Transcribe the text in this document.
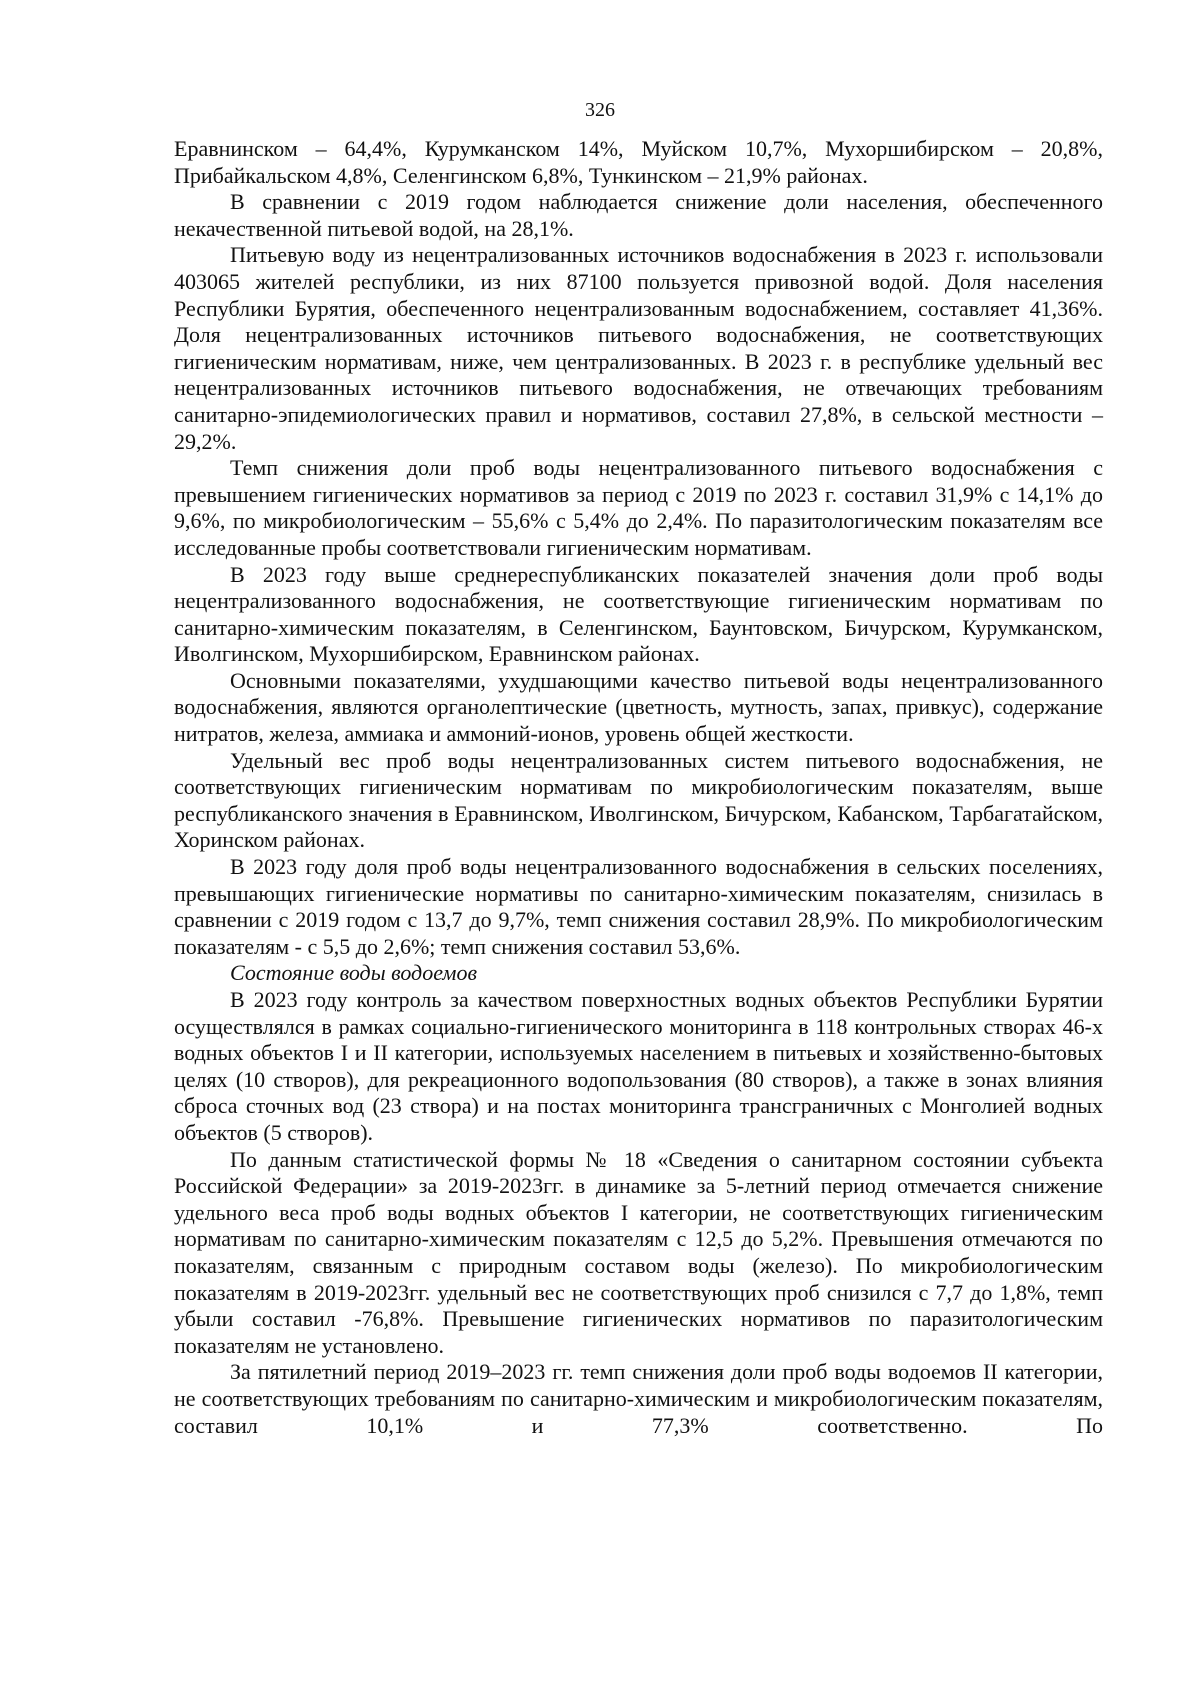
326

Еравнинском – 64,4%, Курумканском 14%, Муйском 10,7%, Мухоршибирском – 20,8%, Прибайкальском 4,8%, Селенгинском 6,8%, Тункинском – 21,9% районах.

В сравнении с 2019 годом наблюдается снижение доли населения, обеспеченного некачественной питьевой водой, на 28,1%.

Питьевую воду из нецентрализованных источников водоснабжения в 2023 г. использовали 403065 жителей республики, из них 87100 пользуется привозной водой. Доля населения Республики Бурятия, обеспеченного нецентрализованным водоснабжением, составляет 41,36%. Доля нецентрализованных источников питьевого водоснабжения, не соответствующих гигиеническим нормативам, ниже, чем централизованных. В 2023 г. в республике удельный вес нецентрализованных источников питьевого водоснабжения, не отвечающих требованиям санитарно-эпидемиологических правил и нормативов, составил 27,8%, в сельской местности – 29,2%.

Темп снижения доли проб воды нецентрализованного питьевого водоснабжения с превышением гигиенических нормативов за период с 2019 по 2023 г. составил 31,9% с 14,1% до 9,6%, по микробиологическим – 55,6% с 5,4% до 2,4%. По паразитологическим показателям все исследованные пробы соответствовали гигиеническим нормативам.

В 2023 году выше среднереспубликанских показателей значения доли проб воды нецентрализованного водоснабжения, не соответствующие гигиеническим нормативам по санитарно-химическим показателям, в Селенгинском, Баунтовском, Бичурском, Курумканском, Иволгинском, Мухоршибирском, Еравнинском районах.

Основными показателями, ухудшающими качество питьевой воды нецентрализованного водоснабжения, являются органолептические (цветность, мутность, запах, привкус), содержание нитратов, железа, аммиака и аммоний-ионов, уровень общей жесткости.

Удельный вес проб воды нецентрализованных систем питьевого водоснабжения, не соответствующих гигиеническим нормативам по микробиологическим показателям, выше республиканского значения в Еравнинском, Иволгинском, Бичурском, Кабанском, Тарбагатайском, Хоринском районах.

В 2023 году доля проб воды нецентрализованного водоснабжения в сельских поселениях, превышающих гигиенические нормативы по санитарно-химическим показателям, снизилась в сравнении с 2019 годом с 13,7 до 9,7%, темп снижения составил 28,9%. По микробиологическим показателям - с 5,5 до 2,6%; темп снижения составил 53,6%.

Состояние воды водоемов

В 2023 году контроль за качеством поверхностных водных объектов Республики Бурятии осуществлялся в рамках социально-гигиенического мониторинга в 118 контрольных створах 46-х водных объектов I и II категории, используемых населением в питьевых и хозяйственно-бытовых целях (10 створов), для рекреационного водопользования (80 створов), а также в зонах влияния сброса сточных вод (23 створа) и на постах мониторинга трансграничных с Монголией водных объектов (5 створов).

По данным статистической формы № 18 «Сведения о санитарном состоянии субъекта Российской Федерации» за 2019-2023гг. в динамике за 5-летний период отмечается снижение удельного веса проб воды водных объектов I категории, не соответствующих гигиеническим нормативам по санитарно-химическим показателям с 12,5 до 5,2%. Превышения отмечаются по показателям, связанным с природным составом воды (железо). По микробиологическим показателям в 2019-2023гг. удельный вес не соответствующих проб снизился с 7,7 до 1,8%, темп убыли составил -76,8%. Превышение гигиенических нормативов по паразитологическим показателям не установлено.

За пятилетний период 2019–2023 гг. темп снижения доли проб воды водоемов II категории, не соответствующих требованиям по санитарно-химическим и микробиологическим показателям, составил 10,1% и 77,3% соответственно. По
